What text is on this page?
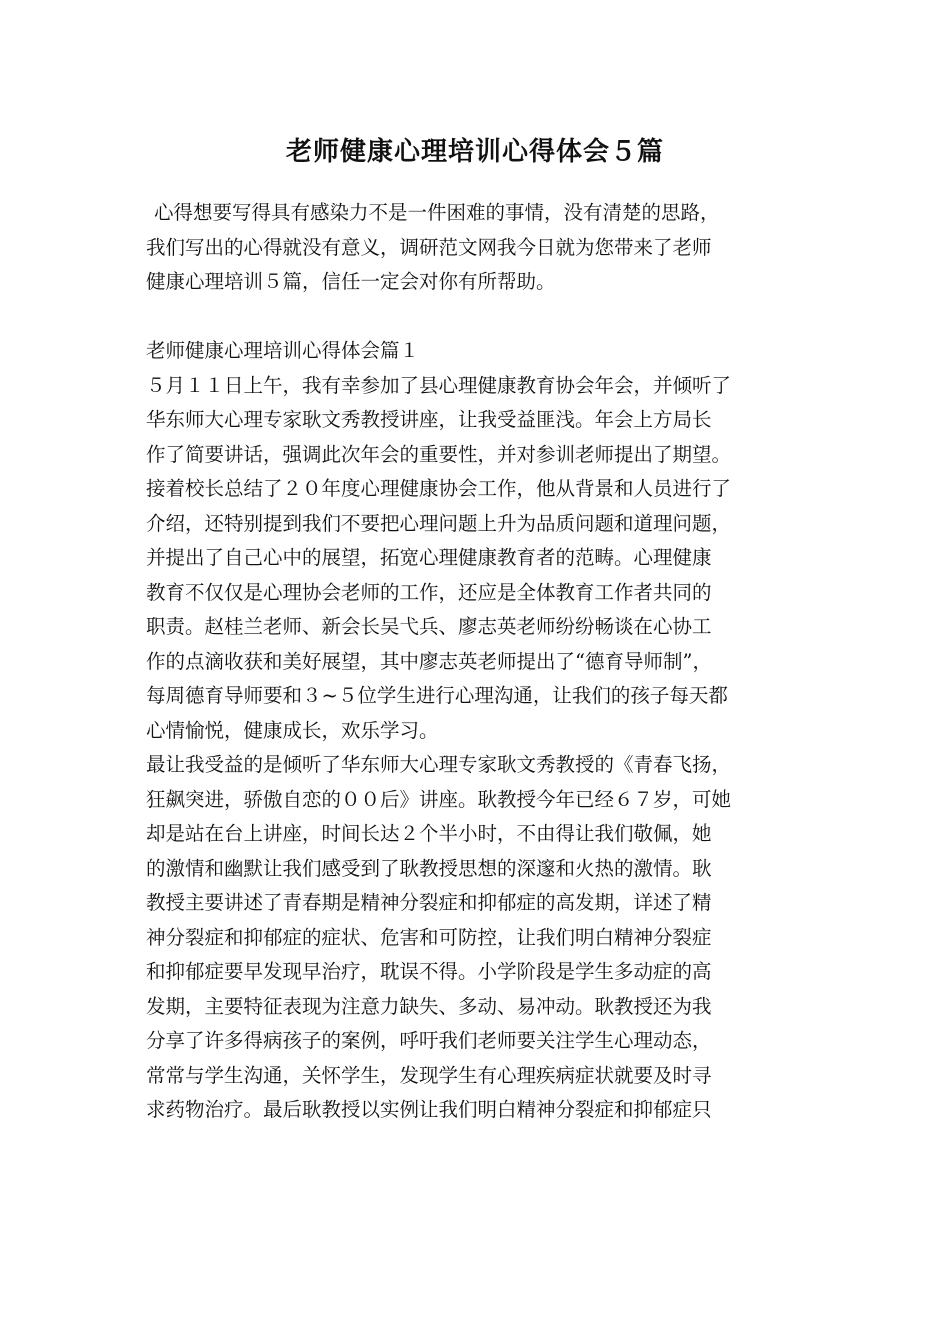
老师健康心理培训心得体会５篇
心得想要写得具有感染力不是一件困难的事情，没有清楚的思路，
我们写出的心得就没有意义，调研范文网我今日就为您带来了老师
健康心理培训５篇，信任一定会对你有所帮助。
老师健康心理培训心得体会篇１
５月１１日上午，我有幸参加了县心理健康教育协会年会，并倾听了
华东师大心理专家耿文秀教授讲座，让我受益匪浅。年会上方局长
作了简要讲话，强调此次年会的重要性，并对参训老师提出了期望。
接着校长总结了２０年度心理健康协会工作，他从背景和人员进行了
介绍，还特别提到我们不要把心理问题上升为品质问题和道理问题，
并提出了自己心中的展望，拓宽心理健康教育者的范畴。心理健康
教育不仅仅是心理协会老师的工作，还应是全体教育工作者共同的
职责。赵桂兰老师、新会长吴弋兵、廖志英老师纷纷畅谈在心协工
作的点滴收获和美好展望，其中廖志英老师提出了“德育导师制”，
每周德育导师要和３~５位学生进行心理沟通，让我们的孩子每天都
心情愉悦，健康成长，欢乐学习。
最让我受益的是倾听了华东师大心理专家耿文秀教授的《青春飞扬，
狂飙突进，骄傲自恋的００后》讲座。耿教授今年已经６７岁，可她
却是站在台上讲座，时间长达２个半小时，不由得让我们敬佩，她
的激情和幽默让我们感受到了耿教授思想的深邃和火热的激情。耿
教授主要讲述了青春期是精神分裂症和抑郁症的高发期，详述了精
神分裂症和抑郁症的症状、危害和可防控，让我们明白精神分裂症
和抑郁症要早发现早治疗，耽误不得。小学阶段是学生多动症的高
发期，主要特征表现为注意力缺失、多动、易冲动。耿教授还为我
分享了许多得病孩子的案例，呼吁我们老师要关注学生心理动态，
常常与学生沟通，关怀学生，发现学生有心理疾病症状就要及时寻
求药物治疗。最后耿教授以实例让我们明白精神分裂症和抑郁症只
